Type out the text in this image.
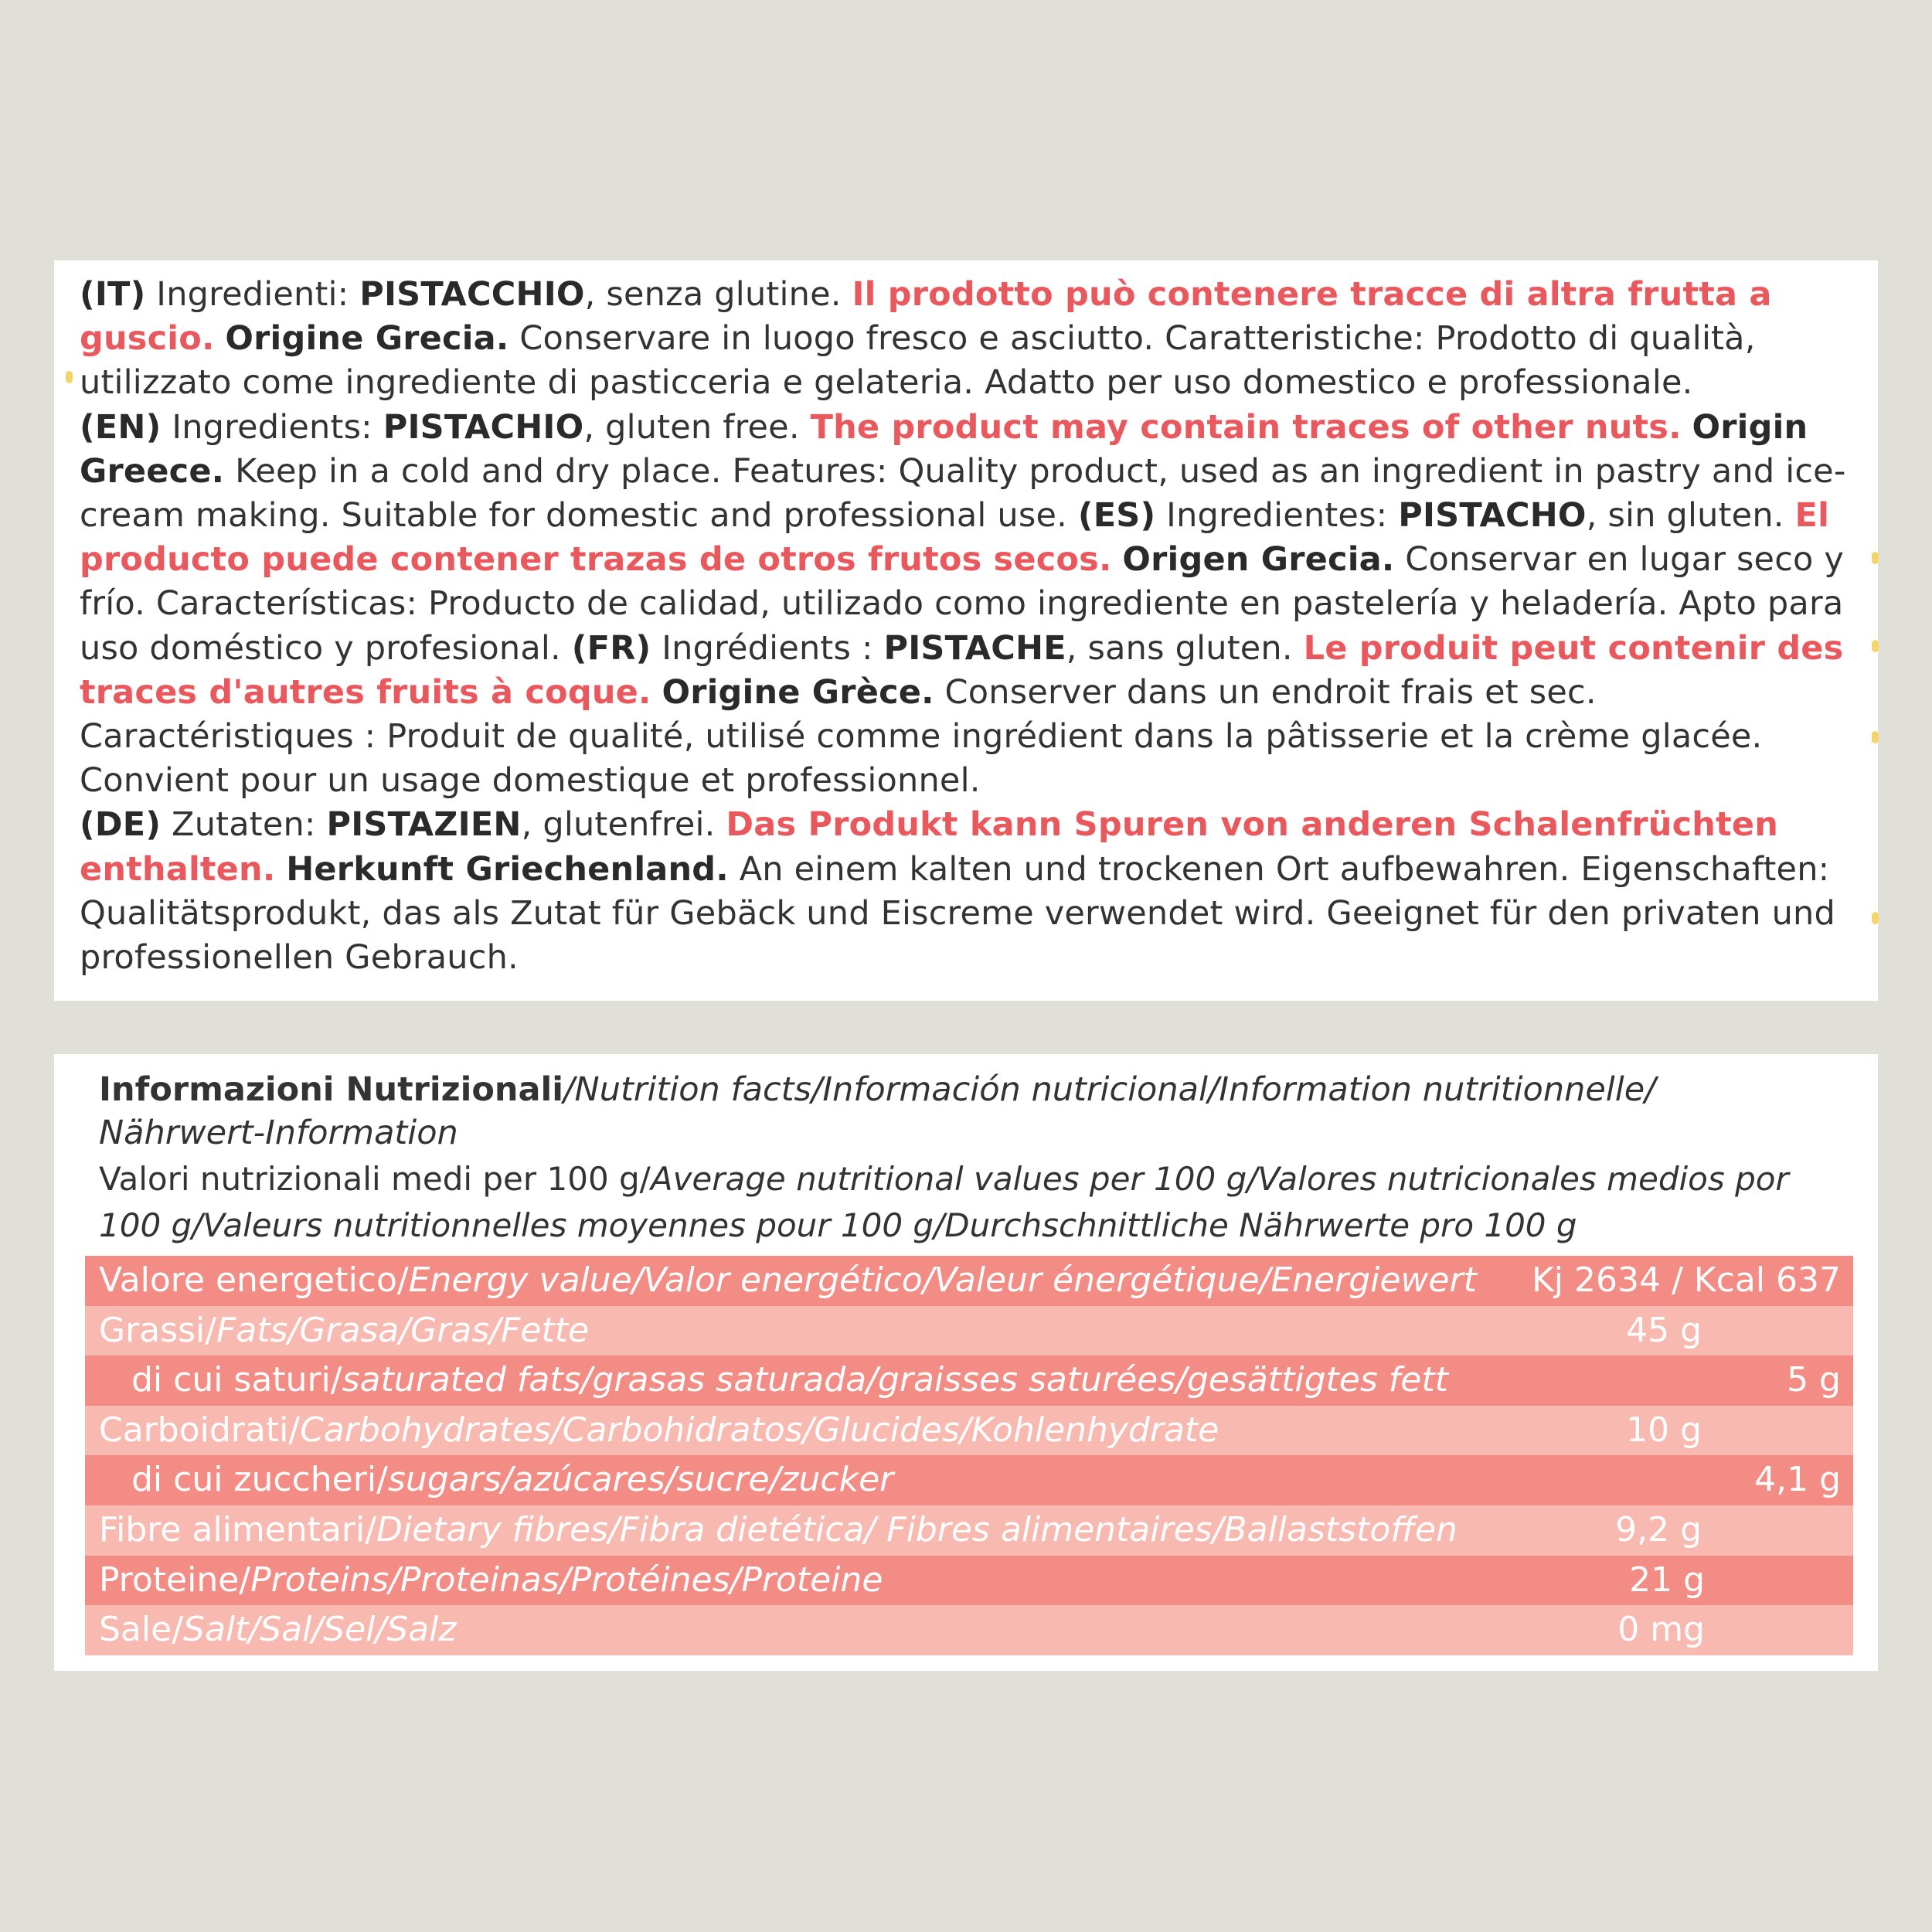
(IT) Ingredienti: PISTACCHIO, senza glutine. Il prodotto può contenere tracce di altra frutta a guscio. Origine Grecia. Conservare in luogo fresco e asciutto. Caratteristiche: Prodotto di qualità, utilizzato come ingrediente di pasticceria e gelateria. Adatto per uso domestico e professionale.
(EN) Ingredients: PISTACHIO, gluten free. The product may contain traces of other nuts. Origin Greece. Keep in a cold and dry place. Features: Quality product, used as an ingredient in pastry and ice-cream making. Suitable for domestic and professional use. (ES) Ingredientes: PISTACHO, sin gluten. El producto puede contener trazas de otros frutos secos. Origen Grecia. Conservar en lugar seco y frío. Características: Producto de calidad, utilizado como ingrediente en pastelería y heladería. Apto para uso doméstico y profesional. (FR) Ingrédients : PISTACHE, sans gluten. Le produit peut contenir des traces d'autres fruits à coque. Origine Grèce. Conserver dans un endroit frais et sec. Caractéristiques : Produit de qualité, utilisé comme ingrédient dans la pâtisserie et la crème glacée. Convient pour un usage domestique et professionnel.
(DE) Zutaten: PISTAZIEN, glutenfrei. Das Produkt kann Spuren von anderen Schalenfrüchten enthalten. Herkunft Griechenland. An einem kalten und trockenen Ort aufbewahren. Eigenschaften: Qualitätsprodukt, das als Zutat für Gebäck und Eiscreme verwendet wird. Geeignet für den privaten und professionellen Gebrauch.

Informazioni Nutrizionali/Nutrition facts/Información nutricional/Information nutritionnelle/
Nährwert-Information
Valori nutrizionali medi per 100 g/Average nutritional values per 100 g/Valores nutricionales medios por 100 g/Valeurs nutritionnelles moyennes pour 100 g/Durchschnittliche Nährwerte pro 100 g
Valore energetico/Energy value/Valor energético/Valeur énergétique/Energiewert Kj 2634 / Kcal 637
Grassi/Fats/Grasa/Gras/Fette	45 g
di cui saturi/saturated fats/grasas saturada/graisses saturées/gesättigtes fett	5 g
Carboidrati/Carbohydrates/Carbohidratos/Glucides/Kohlenhydrate	10 g
di cui zuccheri/sugars/azúcares/sucre/zucker	4,1 g
Fibre alimentari/Dietary fibres/Fibra dietética/ Fibres alimentaires/Ballaststoffen	9,2 g
Proteine/Proteins/Proteinas/Protéines/Proteine	21 g
Sale/Salt/Sal/Sel/Salz	0 mg
